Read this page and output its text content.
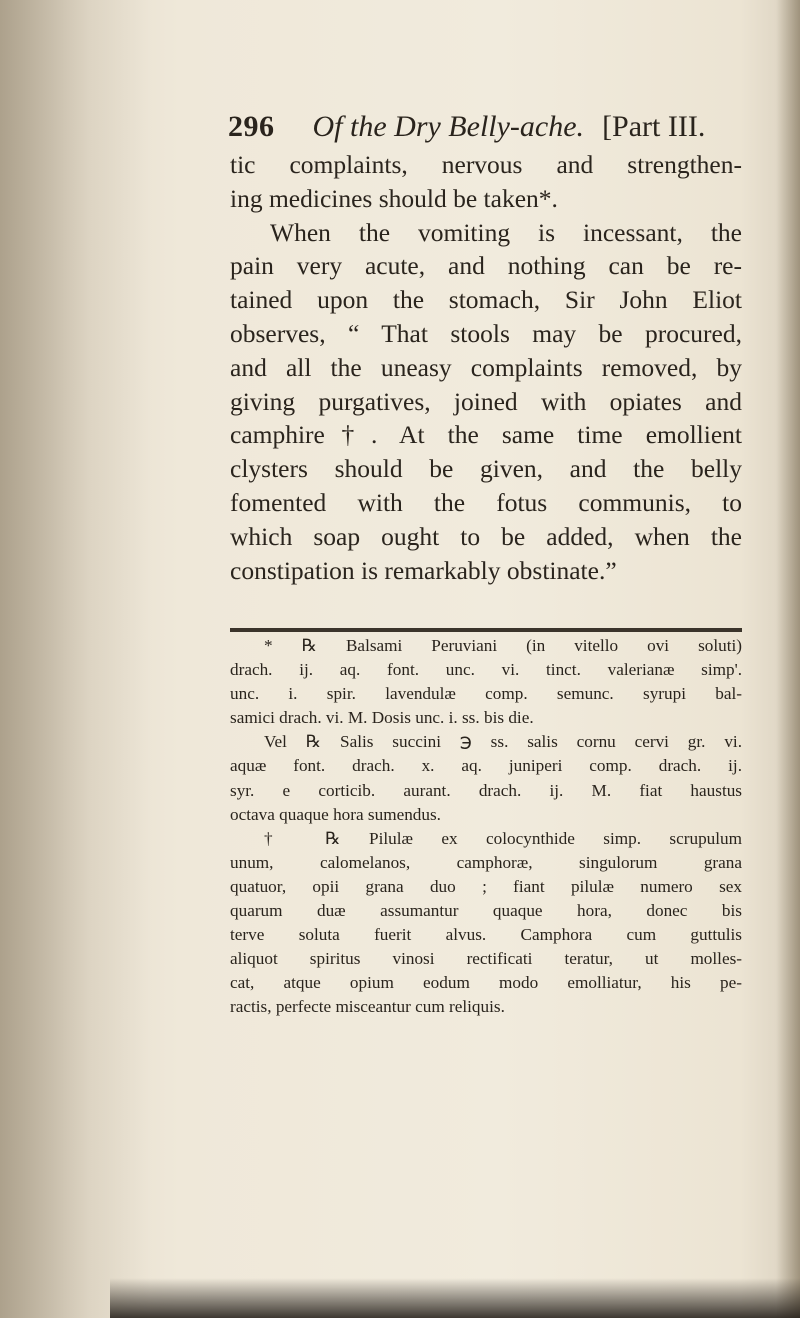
296 Of the Dry Belly-ache. [Part III.
tic complaints, nervous and strengthen-
ing medicines should be taken*.
When the vomiting is incessant, the
pain very acute, and nothing can be re-
tained upon the stomach, Sir John Eliot
observes, “ That stools may be procured,
and all the uneasy complaints removed, by
giving purgatives, joined with opiates and
camphire†. At the same time emollient
clysters should be given, and the belly
fomented with the fotus communis, to
which soap ought to be added, when the
constipation is remarkably obstinate.”
* ℞ Balsami Peruviani (in vitello ovi soluti)
drach. ij. aq. font. unc. vi. tinct. valerianæ simp'.
unc. i. spir. lavendulæ comp. semunc. syrupi bal-
samici drach. vi. M. Dosis unc. i. ss. bis die.
Vel ℞ Salis succini ℈ ss. salis cornu cervi gr. vi.
aquæ font. drach. x. aq. juniperi comp. drach. ij.
syr. e corticib. aurant. drach. ij. M. fiat haustus
octava quaque hora sumendus.
† ℞ Pilulæ ex colocynthide simp. scrupulum
unum, calomelanos, camphoræ, singulorum grana
quatuor, opii grana duo ; fiant pilulæ numero sex
quarum duæ assumantur quaque hora, donec bis
terve soluta fuerit alvus. Camphora cum guttulis
aliquot spiritus vinosi rectificati teratur, ut molles-
cat, atque opium eodum modo emolliatur, his pe-
ractis, perfecte misceantur cum reliquis.
